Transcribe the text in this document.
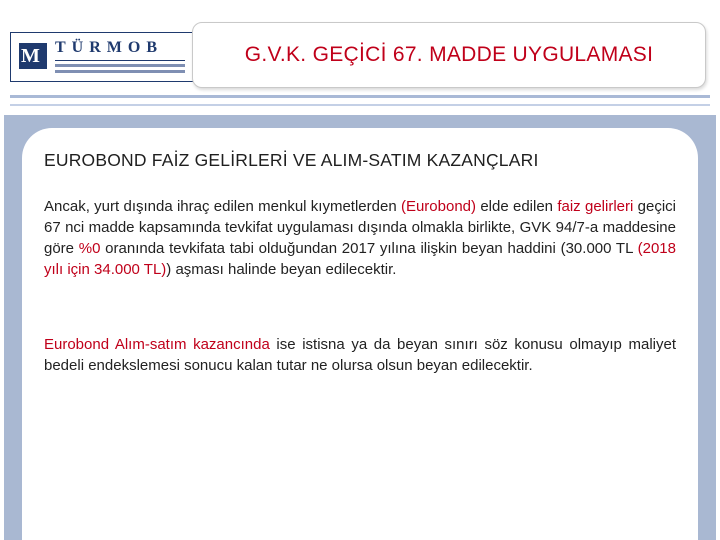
M TÜRMOB	G.V.K. GEÇİCİ 67. MADDE UYGULAMASI
EUROBOND FAİZ GELİRLERİ VE ALIM-SATIM KAZANÇLARI
Ancak, yurt dışında ihraç edilen menkul kıymetlerden (Eurobond) elde edilen faiz gelirleri geçici 67 nci madde kapsamında tevkifat uygulaması dışında olmakla birlikte, GVK 94/7-a maddesine göre %0 oranında tevkifata tabi olduğundan 2017 yılına ilişkin beyan haddini (30.000 TL (2018 yılı için 34.000 TL)) aşması halinde beyan edilecektir.
Eurobond Alım-satım kazancında ise istisna ya da beyan sınırı söz konusu olmayıp maliyet bedeli endekslemesi sonucu kalan tutar ne olursa olsun beyan edilecektir.
